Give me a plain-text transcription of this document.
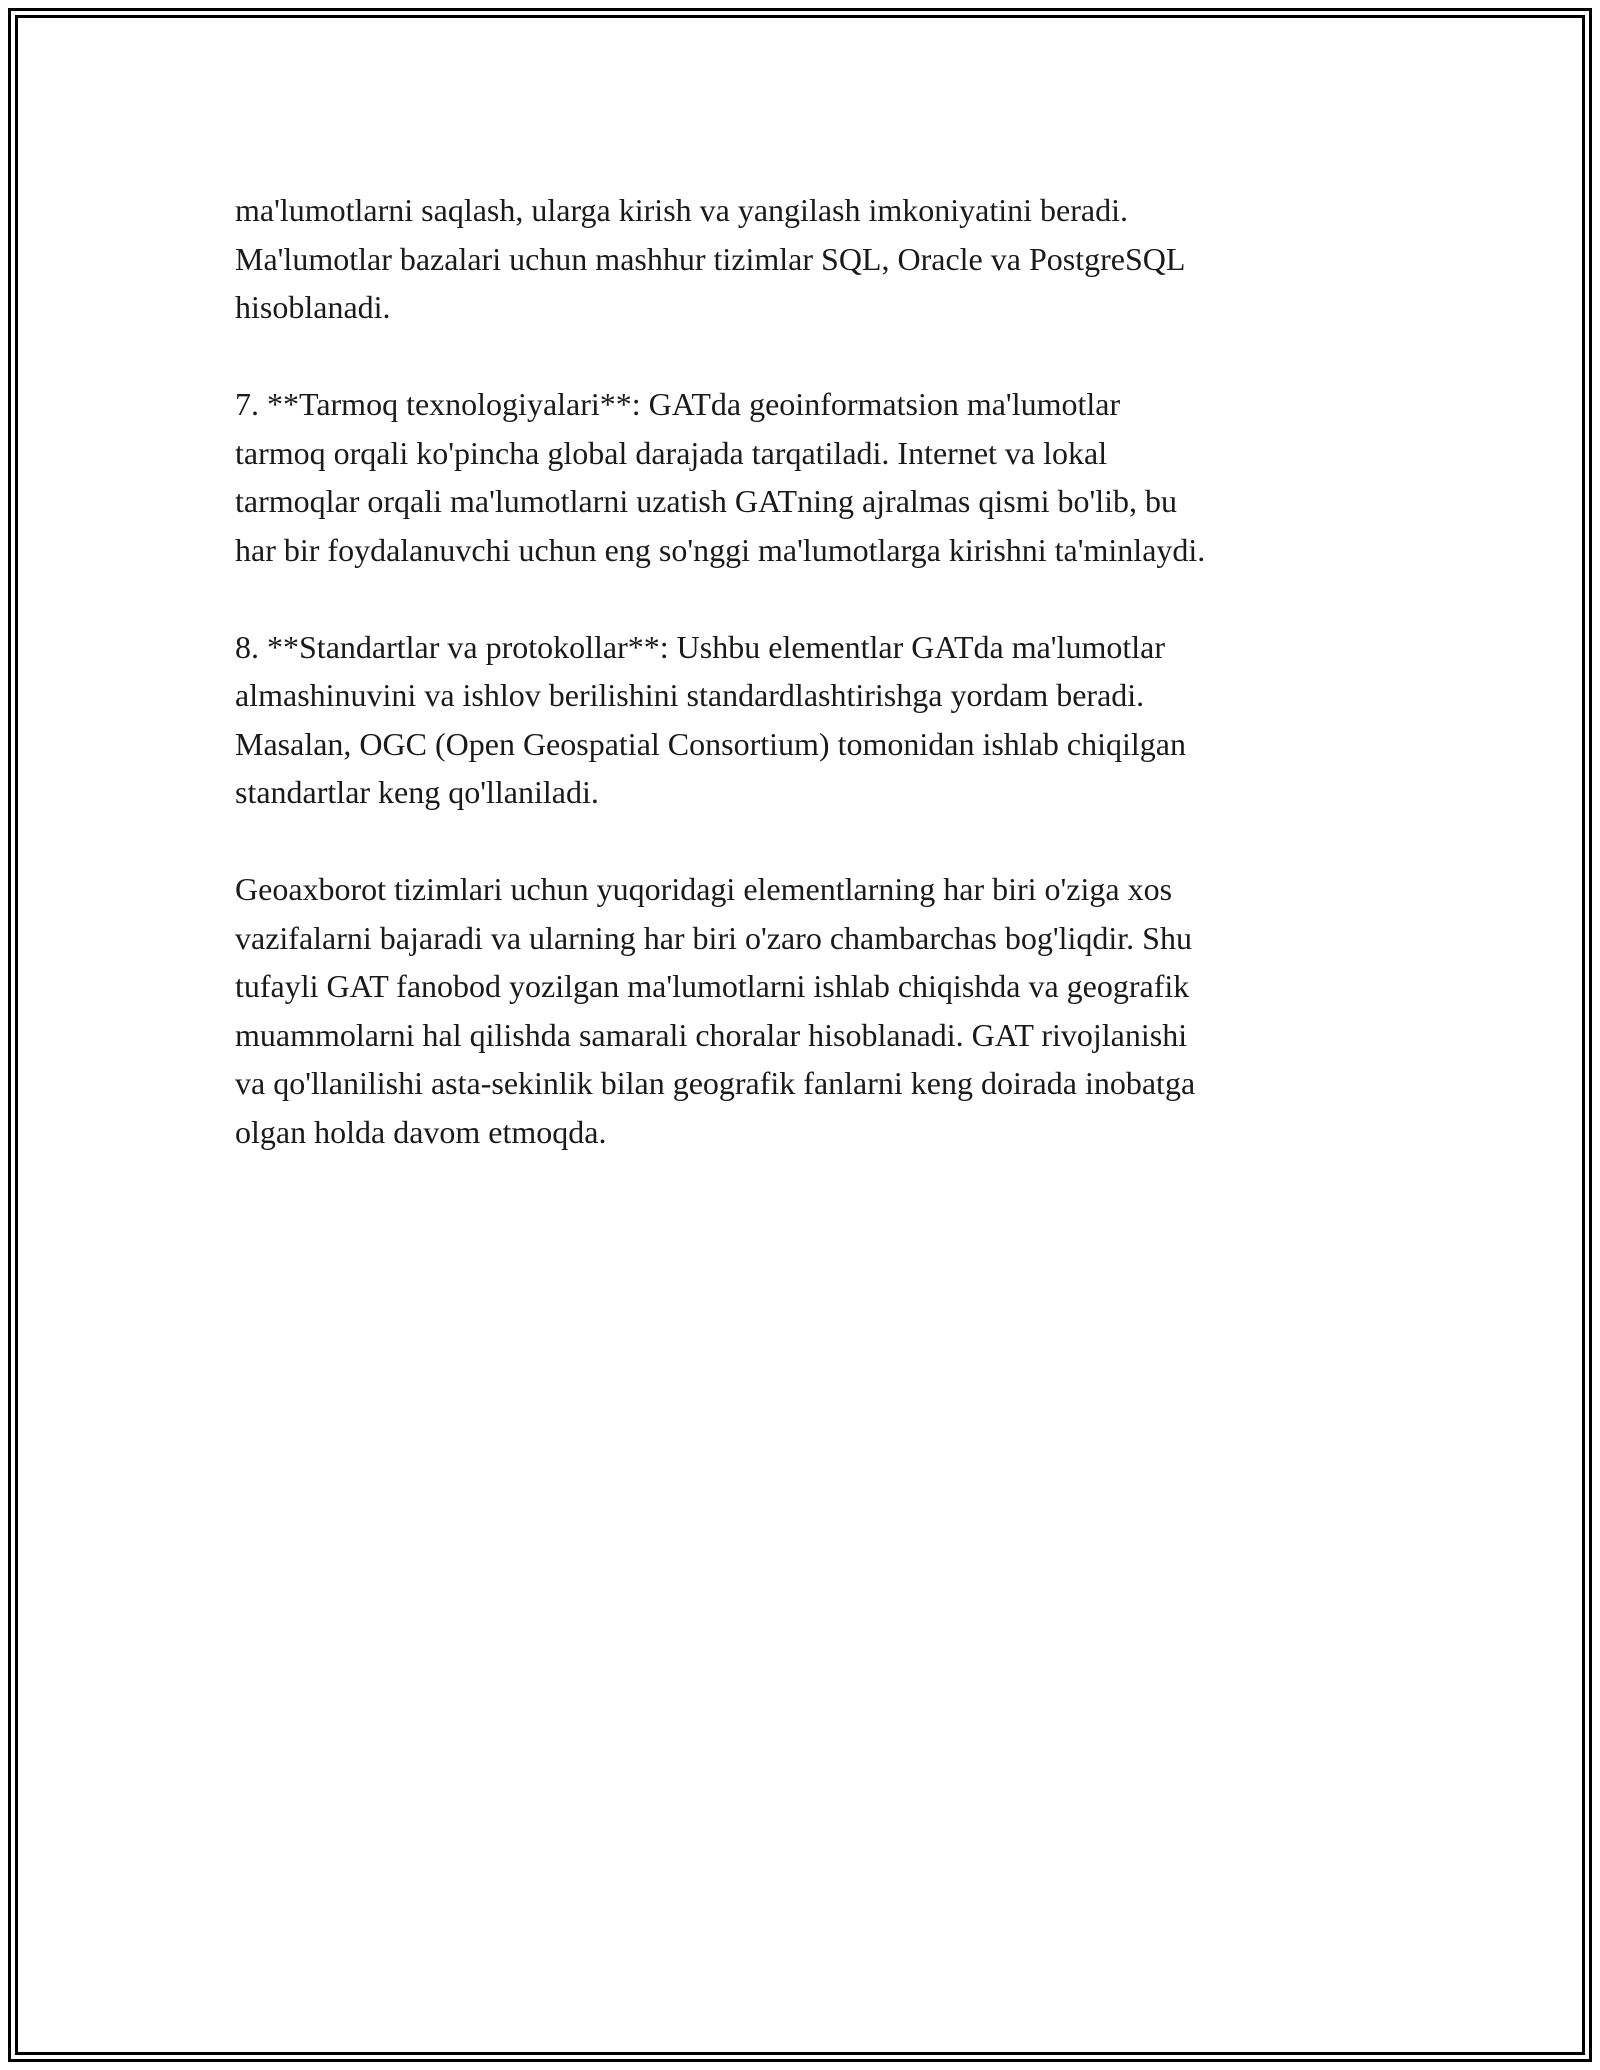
ma'lumotlarni saqlash, ularga kirish va yangilash imkoniyatini beradi.
Ma'lumotlar bazalari uchun mashhur tizimlar SQL, Oracle va PostgreSQL
hisoblanadi.

7. **Tarmoq texnologiyalari**: GATda geoinformatsion ma'lumotlar
tarmoq orqali ko'pincha global darajada tarqatiladi. Internet va lokal
tarmoqlar orqali ma'lumotlarni uzatish GATning ajralmas qismi bo'lib, bu
har bir foydalanuvchi uchun eng so'nggi ma'lumotlarga kirishni ta'minlaydi.

8. **Standartlar va protokollar**: Ushbu elementlar GATda ma'lumotlar
almashinuvini va ishlov berilishini standardlashtirishga yordam beradi.
Masalan, OGC (Open Geospatial Consortium) tomonidan ishlab chiqilgan
standartlar keng qo'llaniladi.

Geoaxborot tizimlari uchun yuqoridagi elementlarning har biri o'ziga xos
vazifalarni bajaradi va ularning har biri o'zaro chambarchas bog'liqdir. Shu
tufayli GAT fanobod yozilgan ma'lumotlarni ishlab chiqishda va geografik
muammolarni hal qilishda samarali choralar hisoblanadi. GAT rivojlanishi
va qo'llanilishi asta-sekinlik bilan geografik fanlarni keng doirada inobatga
olgan holda davom etmoqda.
